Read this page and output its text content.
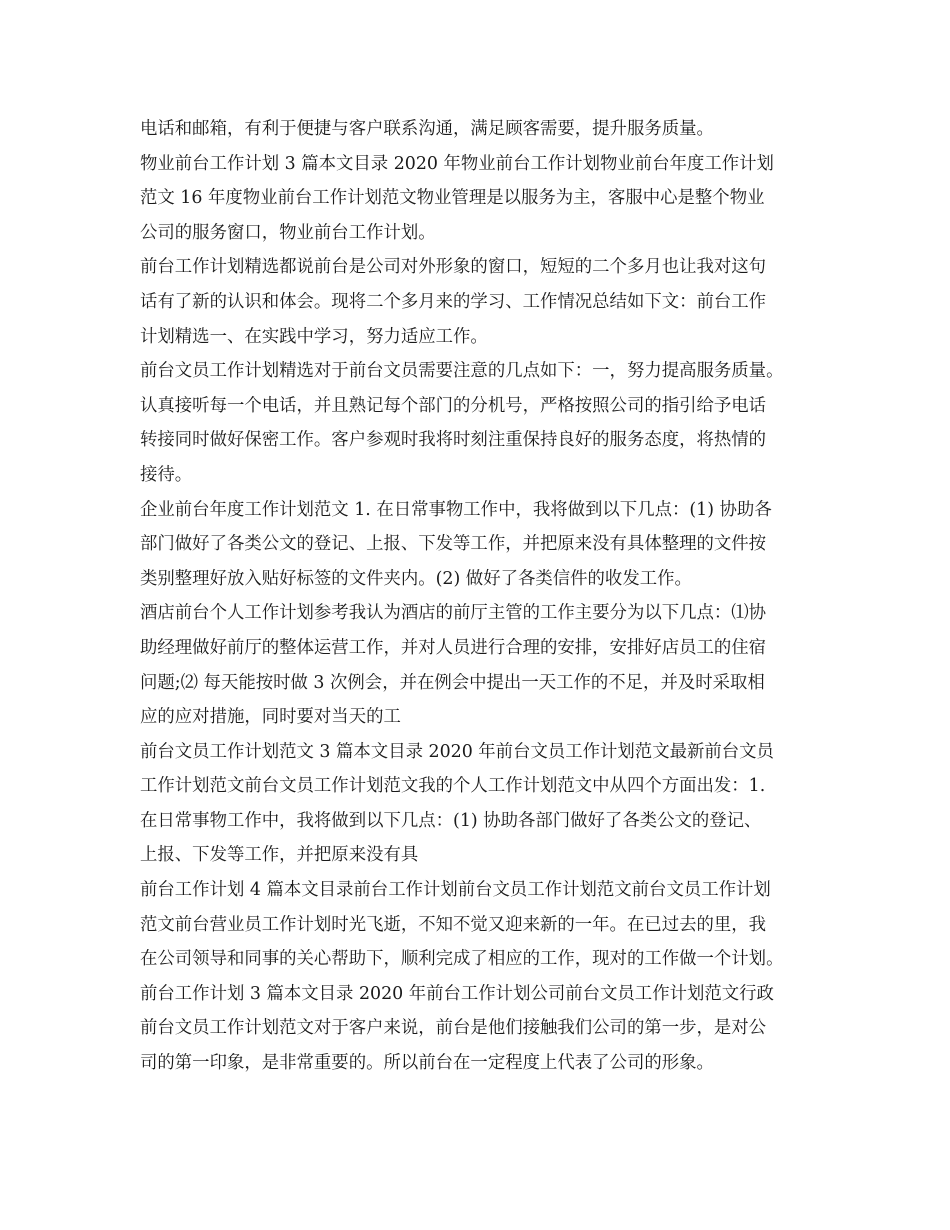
电话和邮箱，有利于便捷与客户联系沟通，满足顾客需要，提升服务质量。

物业前台工作计划 3 篇本文目录 2020 年物业前台工作计划物业前台年度工作计划
范文 16 年度物业前台工作计划范文物业管理是以服务为主，客服中心是整个物业
公司的服务窗口，物业前台工作计划。

前台工作计划精选都说前台是公司对外形象的窗口，短短的二个多月也让我对这句
话有了新的认识和体会。现将二个多月来的学习、工作情况总结如下文：前台工作
计划精选一、在实践中学习，努力适应工作。

前台文员工作计划精选对于前台文员需要注意的几点如下：一，努力提高服务质量。
认真接听每一个电话，并且熟记每个部门的分机号，严格按照公司的指引给予电话
转接同时做好保密工作。客户参观时我将时刻注重保持良好的服务态度，将热情的
接待。

企业前台年度工作计划范文 1. 在日常事物工作中，我将做到以下几点：(1) 协助各
部门做好了各类公文的登记、上报、下发等工作，并把原来没有具体整理的文件按
类别整理好放入贴好标签的文件夹内。(2) 做好了各类信件的收发工作。

酒店前台个人工作计划参考我认为酒店的前厅主管的工作主要分为以下几点：⑴协
助经理做好前厅的整体运营工作，并对人员进行合理的安排，安排好店员工的住宿
问题;⑵ 每天能按时做 3 次例会，并在例会中提出一天工作的不足，并及时采取相
应的应对措施，同时要对当天的工

前台文员工作计划范文 3 篇本文目录 2020 年前台文员工作计划范文最新前台文员
工作计划范文前台文员工作计划范文我的个人工作计划范文中从四个方面出发：1.
在日常事物工作中，我将做到以下几点：(1) 协助各部门做好了各类公文的登记、
上报、下发等工作，并把原来没有具

前台工作计划 4 篇本文目录前台工作计划前台文员工作计划范文前台文员工作计划
范文前台营业员工作计划时光飞逝，不知不觉又迎来新的一年。在已过去的里，我
在公司领导和同事的关心帮助下，顺利完成了相应的工作，现对的工作做一个计划。

前台工作计划 3 篇本文目录 2020 年前台工作计划公司前台文员工作计划范文行政
前台文员工作计划范文对于客户来说，前台是他们接触我们公司的第一步，是对公
司的第一印象，是非常重要的。所以前台在一定程度上代表了公司的形象。
